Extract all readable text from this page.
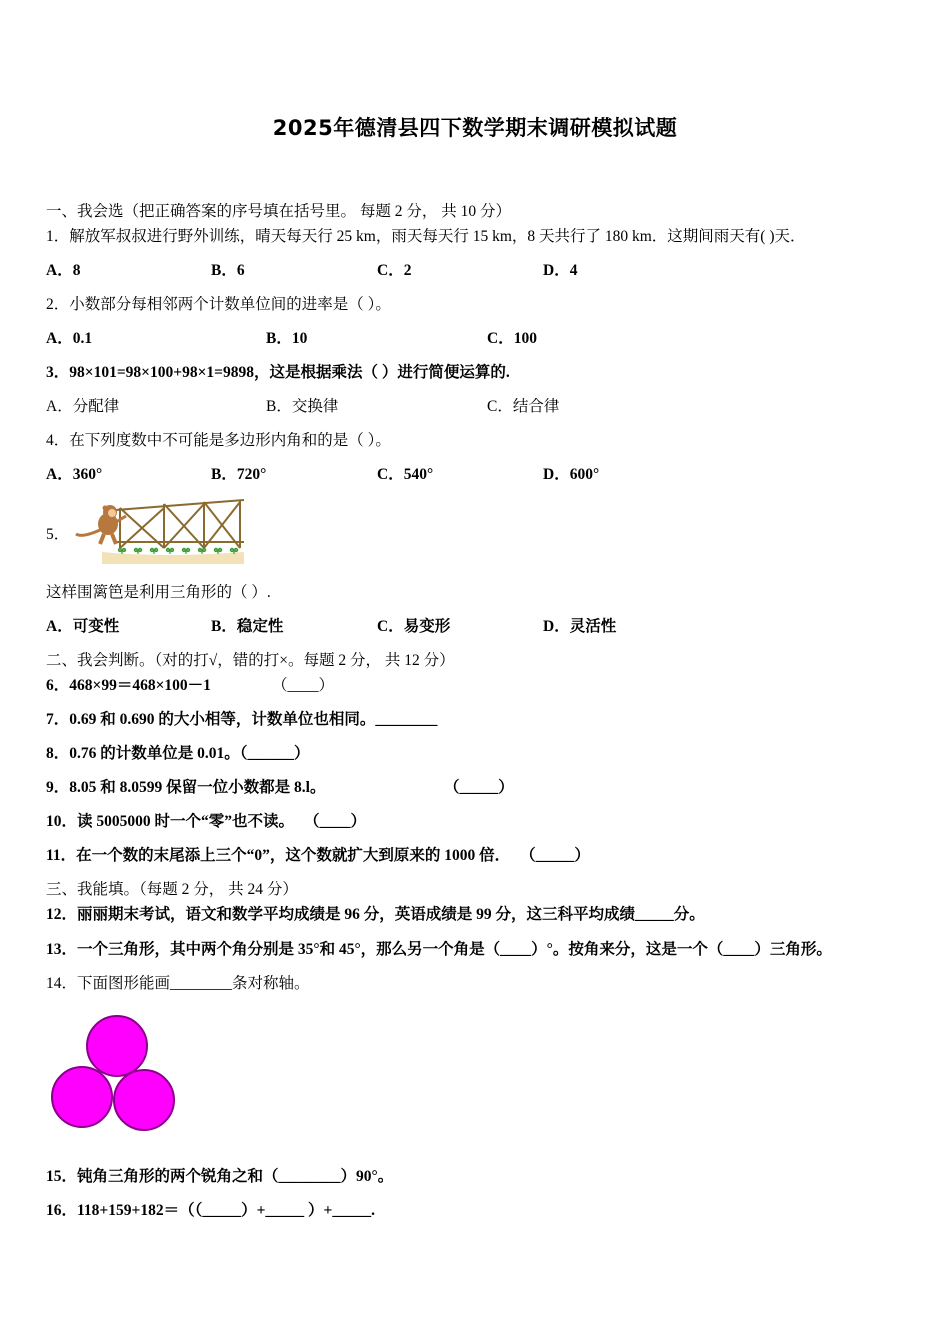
2025年德清县四下数学期末调研模拟试题
一、我会选（把正确答案的序号填在括号里。 每题 2 分， 共 10 分）
1．解放军叔叔进行野外训练，晴天每天行 25 km，雨天每天行 15 km，8 天共行了 180 km．这期间雨天有( )天．
A．8	B．6	C．2	D．4
2．小数部分每相邻两个计数单位间的进率是（ ）。
A．0.1	B．10	C．100
3．98×101=98×100+98×1=9898，这是根据乘法（ ）进行简便运算的.
A．分配律	B．交换律	C．结合律
4．在下列度数中不可能是多边形内角和的是（ ）。
A．360°	B．720°	C．540°	D．600°
5．
这样围篱笆是利用三角形的（ ）.
A．可变性	B．稳定性	C．易变形	D．灵活性
二、我会判断。（对的打√，错的打×。每题 2 分， 共 12 分）
6．468×99＝468×100－1	（____）
7．0.69 和 0.690 的大小相等，计数单位也相同。________
8．0.76 的计数单位是 0.01。（______）
9．8.05 和 8.0599 保留一位小数都是 8.l。	（_____）
10．读 5005000 时一个“零”也不读。 （____）
11．在一个数的末尾添上三个“0”，这个数就扩大到原来的 1000 倍． （_____）
三、我能填。（每题 2 分， 共 24 分）
12．丽丽期末考试，语文和数学平均成绩是 96 分，英语成绩是 99 分，这三科平均成绩_____分。
13．一个三角形，其中两个角分别是 35°和 45°，那么另一个角是（____）°。按角来分，这是一个（____）三角形。
14．下面图形能画________条对称轴。
15．钝角三角形的两个锐角之和（________）90°。
16．118+159+182＝（（_____）+_____ ）+_____.
